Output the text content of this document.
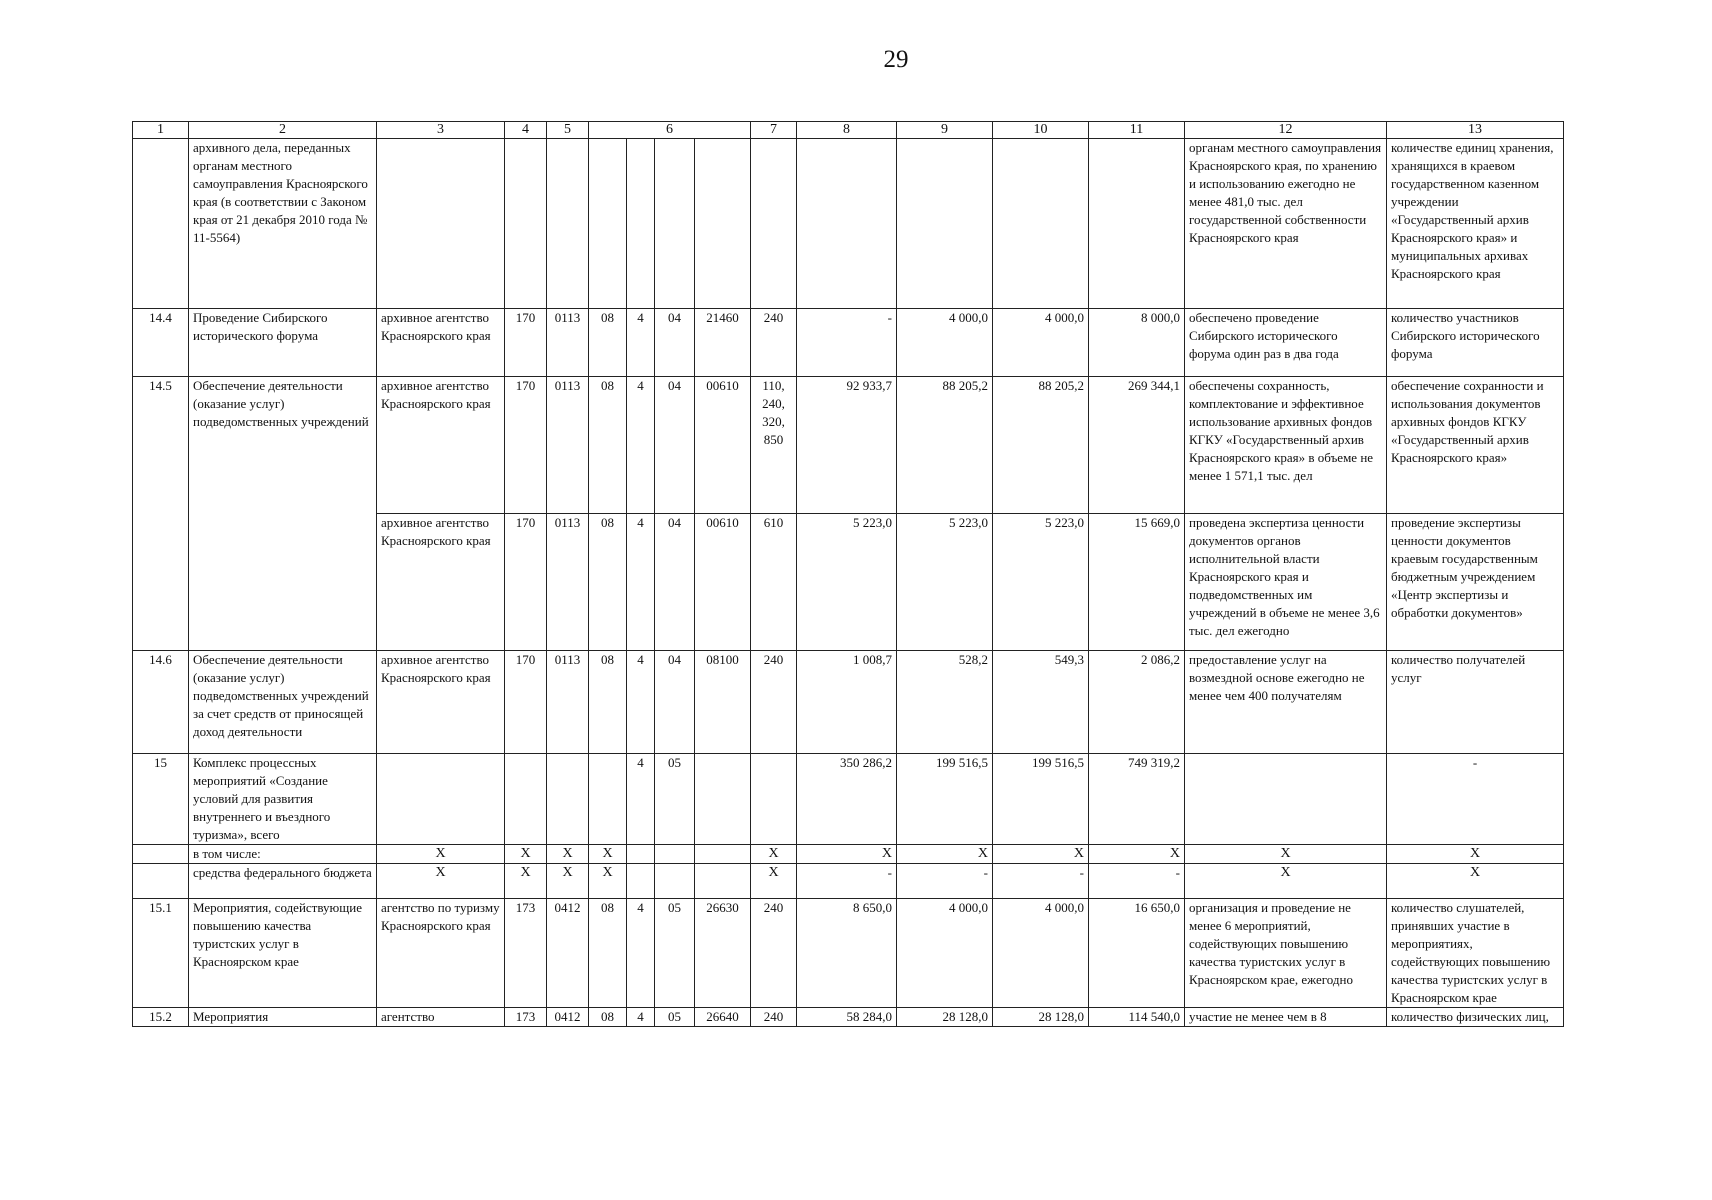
29
1	2	3	4	5	6				7	8	9	10	11	12	13
	архивного дела, переданных органам местного самоуправления Красноярского края (в соответствии с Законом края от 21 декабря 2010 года № 11-5564)													органам местного самоуправления Красноярского края, по хранению и использованию ежегодно не менее 481,0 тыс. дел государственной собственности Красноярского края	количестве единиц хранения, хранящихся в краевом государственном казенном учреждении «Государственный архив Красноярского края» и муниципальных архивах Красноярского края
14.4	Проведение Сибирского исторического форума	архивное агентство Красноярского края	170	0113	08	4	04	21460	240	-	4 000,0	4 000,0	8 000,0	обеспечено проведение Сибирского исторического форума один раз в два года	количество участников Сибирского исторического форума
14.5	Обеспечение деятельности (оказание услуг) подведомственных учреждений	архивное агентство Красноярского края	170	0113	08	4	04	00610	110, 240, 320, 850	92 933,7	88 205,2	88 205,2	269 344,1	обеспечены сохранность, комплектование и эффективное использование архивных фондов КГКУ «Государственный архив Красноярского края» в объеме не менее 1 571,1 тыс. дел	обеспечение сохранности и использования документов архивных фондов КГКУ «Государственный архив Красноярского края»
		архивное агентство Красноярского края	170	0113	08	4	04	00610	610	5 223,0	5 223,0	5 223,0	15 669,0	проведена экспертиза ценности документов органов исполнительной власти Красноярского края и подведомственных им учреждений в объеме не менее 3,6 тыс. дел ежегодно	проведение экспертизы ценности документов краевым государственным бюджетным учреждением «Центр экспертизы и обработки документов»
14.6	Обеспечение деятельности (оказание услуг) подведомственных учреждений за счет средств от приносящей доход деятельности	архивное агентство Красноярского края	170	0113	08	4	04	08100	240	1 008,7	528,2	549,3	2 086,2	предоставление услуг на возмездной основе ежегодно не менее чем 400 получателям	количество получателей услуг
15	Комплекс процессных мероприятий «Создание условий для развития внутреннего и въездного туризма», всего					4	05			350 286,2	199 516,5	199 516,5	749 319,2		-
	в том числе:	X	X	X	X				X	X	X	X	X	X	X
	средства федерального бюджета	X	X	X	X				X	-	-	-	-	X	X
15.1	Мероприятия, содействующие повышению качества туристских услуг в Красноярском крае	агентство по туризму Красноярского края	173	0412	08	4	05	26630	240	8 650,0	4 000,0	4 000,0	16 650,0	организация и проведение не менее 6 мероприятий, содействующих повышению качества туристских услуг в Красноярском крае, ежегодно	количество слушателей, принявших участие в мероприятиях, содействующих повышению качества туристских услуг в Красноярском крае
15.2	Мероприятия	агентство	173	0412	08	4	05	26640	240	58 284,0	28 128,0	28 128,0	114 540,0	участие не менее чем в 8	количество физических лиц,
